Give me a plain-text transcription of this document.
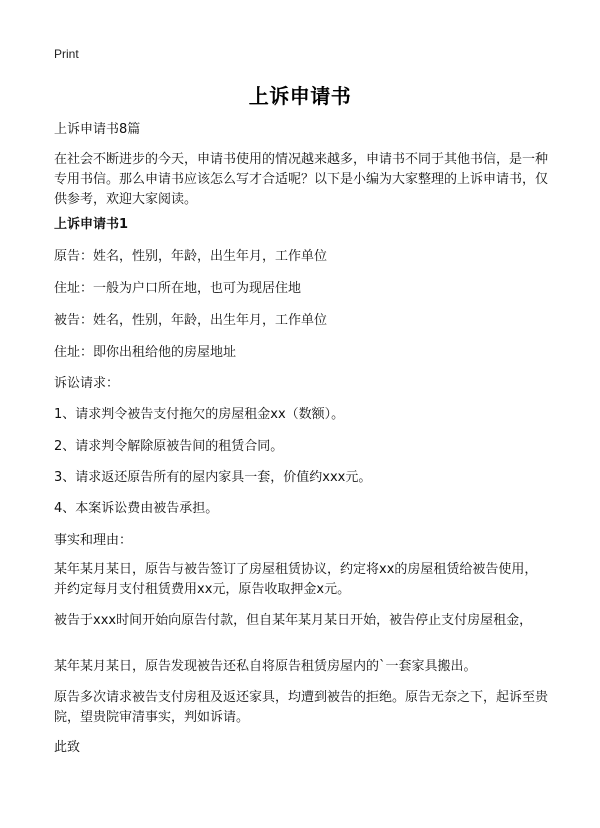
Print
上诉申请书
上诉申请书8篇
在社会不断进步的今天，申请书使用的情况越来越多，申请书不同于其他书信，是一种专用书信。那么申请书应该怎么写才合适呢？以下是小编为大家整理的上诉申请书，仅供参考，欢迎大家阅读。
上诉申请书1
原告：姓名，性别，年龄，出生年月，工作单位
住址：一般为户口所在地，也可为现居住地
被告：姓名，性别，年龄，出生年月，工作单位
住址：即你出租给他的房屋地址
诉讼请求：
1、请求判令被告支付拖欠的房屋租金xx（数额）。
2、请求判令解除原被告间的租赁合同。
3、请求返还原告所有的屋内家具一套，价值约xxx元。
4、本案诉讼费由被告承担。
事实和理由：
某年某月某日，原告与被告签订了房屋租赁协议，约定将xx的房屋租赁给被告使用，并约定每月支付租赁费用xx元，原告收取押金x元。
被告于xxx时间开始向原告付款，但自某年某月某日开始，被告停止支付房屋租金，
某年某月某日，原告发现被告还私自将原告租赁房屋内的`一套家具搬出。
原告多次请求被告支付房租及返还家具，均遭到被告的拒绝。原告无奈之下，起诉至贵院，望贵院审清事实，判如诉请。
此致
